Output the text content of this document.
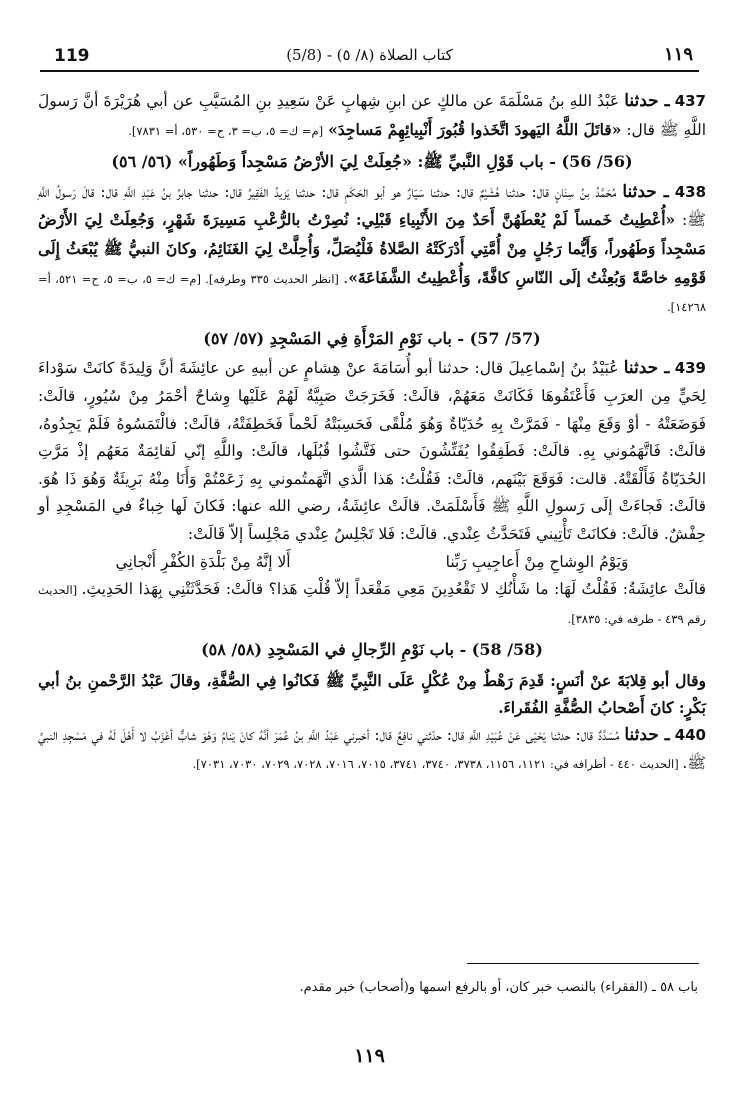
119	(5/8) - كتاب الصلاة (٨/ ٥)	١١٩

437 ـ حدثنا عَبْدُ اللهِ بنُ مَسْلَمَةَ عن مالكٍ عن ابنِ شِهابٍ عَنْ سَعِيدِ بنِ المُسَيَّبِ عن أبي هُرَيْرَةَ أنَّ رَسولَ اللَّهِ ﷺ قال: «قاتَلَ اللَّهُ اليَهودَ اتَّخَذوا قُبُورَ أَنْبِيائِهِمْ مَساجِدَ» [م= ك= ٥، ب= ٣، ح= ٥٣٠، أ= ٧٨٣١].

(56/ 56) - باب قَوْلِ النَّبيِّ ﷺ: «جُعِلَتْ لِيَ الأرْضُ مَسْجِداً وَطَهُوراً» (٥٦/ ٥٦)

438 ـ حدثنا مُحَمَّدُ بنُ سِنَانٍ قال: حدثنا هُشَيْمٌ قال: حدثنا سَيّارٌ هو أبو الحَكَمِ قال: حدثنا يَزيدُ الفَقِيرُ قال: حدثنا جابرُ بنُ عَبْدِ اللَّهِ قال: قالَ رَسولُ اللَّهِ ﷺ: «أُعْطِيتُ خَمساً لَمْ يُعْطَهُنَّ أَحَدٌ مِنَ الأَنْبِياءِ قَبْلِي: نُصِرْتُ بالرُّعْبِ مَسِيرَةَ شَهْرٍ، وَجُعِلَتْ لِيَ الأَرْضُ مَسْجِداً وَطَهُوراً، وَأَيُّما رَجُلٍ مِنْ أُمَّتِي أَدْرَكَتْهُ الصَّلاةُ فَلْيُصَلِّ، وَأُحِلَّتْ لِيَ الغَنَائِمُ، وكانَ النبيُّ ﷺ يُبْعَثُ إِلَى قَوْمِهِ خاصَّةً وَبُعِثْتُ إلَى النّاسِ كافَّةً، وَأُعْطِيتُ الشَّفَاعَةَ». [انظر الحديث ٣٣٥ وطرفه]. [م= ك= ٥، ب= ٥، ح= ٥٢١، أ= ١٤٢٦٨].

(57/ 57) - باب نَوْمِ المَرْأَةِ فِي المَسْجِدِ (٥٧/ ٥٧)

439 ـ حدثنا عُبَيْدُ بنُ إسْماعِيلَ قال: حدثنا أبو أُسَامَةَ عنْ هِشامٍ عن أبيهِ عن عائِشَةَ أنَّ وَلِيدَةً كانَتْ سَوْداءَ لِحَيٍّ مِن العرَبِ فَأَعْتَقُوهَا فَكَانَتْ مَعَهُمْ، قالَتْ: فَخَرَجَتْ صَبِيَّةٌ لَهُمْ عَلَيْها وِشاحٌ أحْمَرُ مِنْ سُيُورٍ، قالَتْ: فَوَضَعَتْهُ - أوْ وَقَعَ مِنْهَا - فَمَرَّتْ بِهِ حُدَيّاةٌ وَهُوَ مُلْقًى فَحَسِبَتْهُ لَحْماً فَخَطِفَتْهُ، قالَتْ: فالْتَمَسُوهُ فَلَمْ يَجِدُوهُ، قالَتْ: فَاتَّهَمُوني بِهِ. قالَتْ: فَطَفِقُوا يُفَتِّشُونَ حتى فَتَّشُوا قُبُلَها، قالَتْ: واللَّهِ إنّي لَقائِمَةٌ مَعَهُم إذْ مَرَّتِ الحُدَيّاةُ فَأَلْقَتْهُ. قالت: فَوَقَعَ بَيْنَهم، قالَتْ: فَقُلْتُ: هَذا الَّذي اتَّهَمتُموني بِهِ زَعَمْتُمْ وَأَنَا مِنْهُ بَرِيئَةٌ وَهُوَ ذَا هُوَ. قالَتْ: فَجاءَتْ إلَى رَسولِ اللَّهِ ﷺ فَأَسْلَمَتْ. قالَتْ عائِشَةُ، رضي الله عنها: فَكانَ لَها خِباءٌ في المَسْجِدِ أو حِفْشٌ. قالَتْ: فكانَتْ تَأْتِيني فَتَحَدَّثُ عِنْدي. قالَتْ: فَلا تَجْلِسُ عِنْدي مَجْلِساً إلاّ قَالَتْ:

وَيَوْمُ الوِشاحِ مِنْ أَعاجِيبِ رَبِّنا
أَلا إنَّهُ مِنْ بَلْدَةِ الكُفْرِ أَنْجانِي

قالَتْ عائِشَةُ: فَقُلْتُ لَهَا: ما شَأْنُكِ لا تَقْعُدِينَ مَعِي مَقْعَداً إلاّ قُلْتِ هَذا؟ قالَتْ: فَحَدَّثَتْنِي بِهَذا الحَدِيثِ. [الحديث رقم ٤٣٩ - طرفه في: ٣٨٣٥].

(58/ 58) - باب نَوْمِ الرِّجالِ في المَسْجِدِ (٥٨/ ٥٨)

وقال أبو قِلابَةَ عنْ أنَسٍ: قَدِمَ رَهْطٌ مِنْ عُكْلٍ عَلَى النَّبِيِّ ﷺ فَكانُوا فِي الصُّفَّةِ، وقالَ عَبْدُ الرَّحْمنِ بنُ أبي بَكْرٍ: كانَ أَصْحابُ الصُّفَّةِ الفُقَراءَ.

440 ـ حدثنا مُسَدَّدٌ قال: حدثنا يَحْيَى عَنْ عُبَيْدِ اللَّهِ قال: حدّثني نافِعٌ قال: أخبرني عَبْدُ اللَّهِ بنُ عُمَرَ أنَّهُ كانَ يَنامُ وَهْوَ شابٌّ أعْزَبُ لا أَهْلَ لَهُ في مَسْجِدِ النبيِّ ﷺ. [الحديث ٤٤٠ - أطرافه في: ١١٢١، ١١٥٦، ٣٧٣٨، ٣٧٤٠، ٣٧٤١، ٧٠١٥، ٧٠١٦، ٧٠٢٨، ٧٠٢٩، ٧٠٣٠، ٧٠٣١].

باب ٥٨ ـ (الفقراء) بالنصب خبر كان، أو بالرفع اسمها و(أصحاب) خبر مقدم.
١١٩
